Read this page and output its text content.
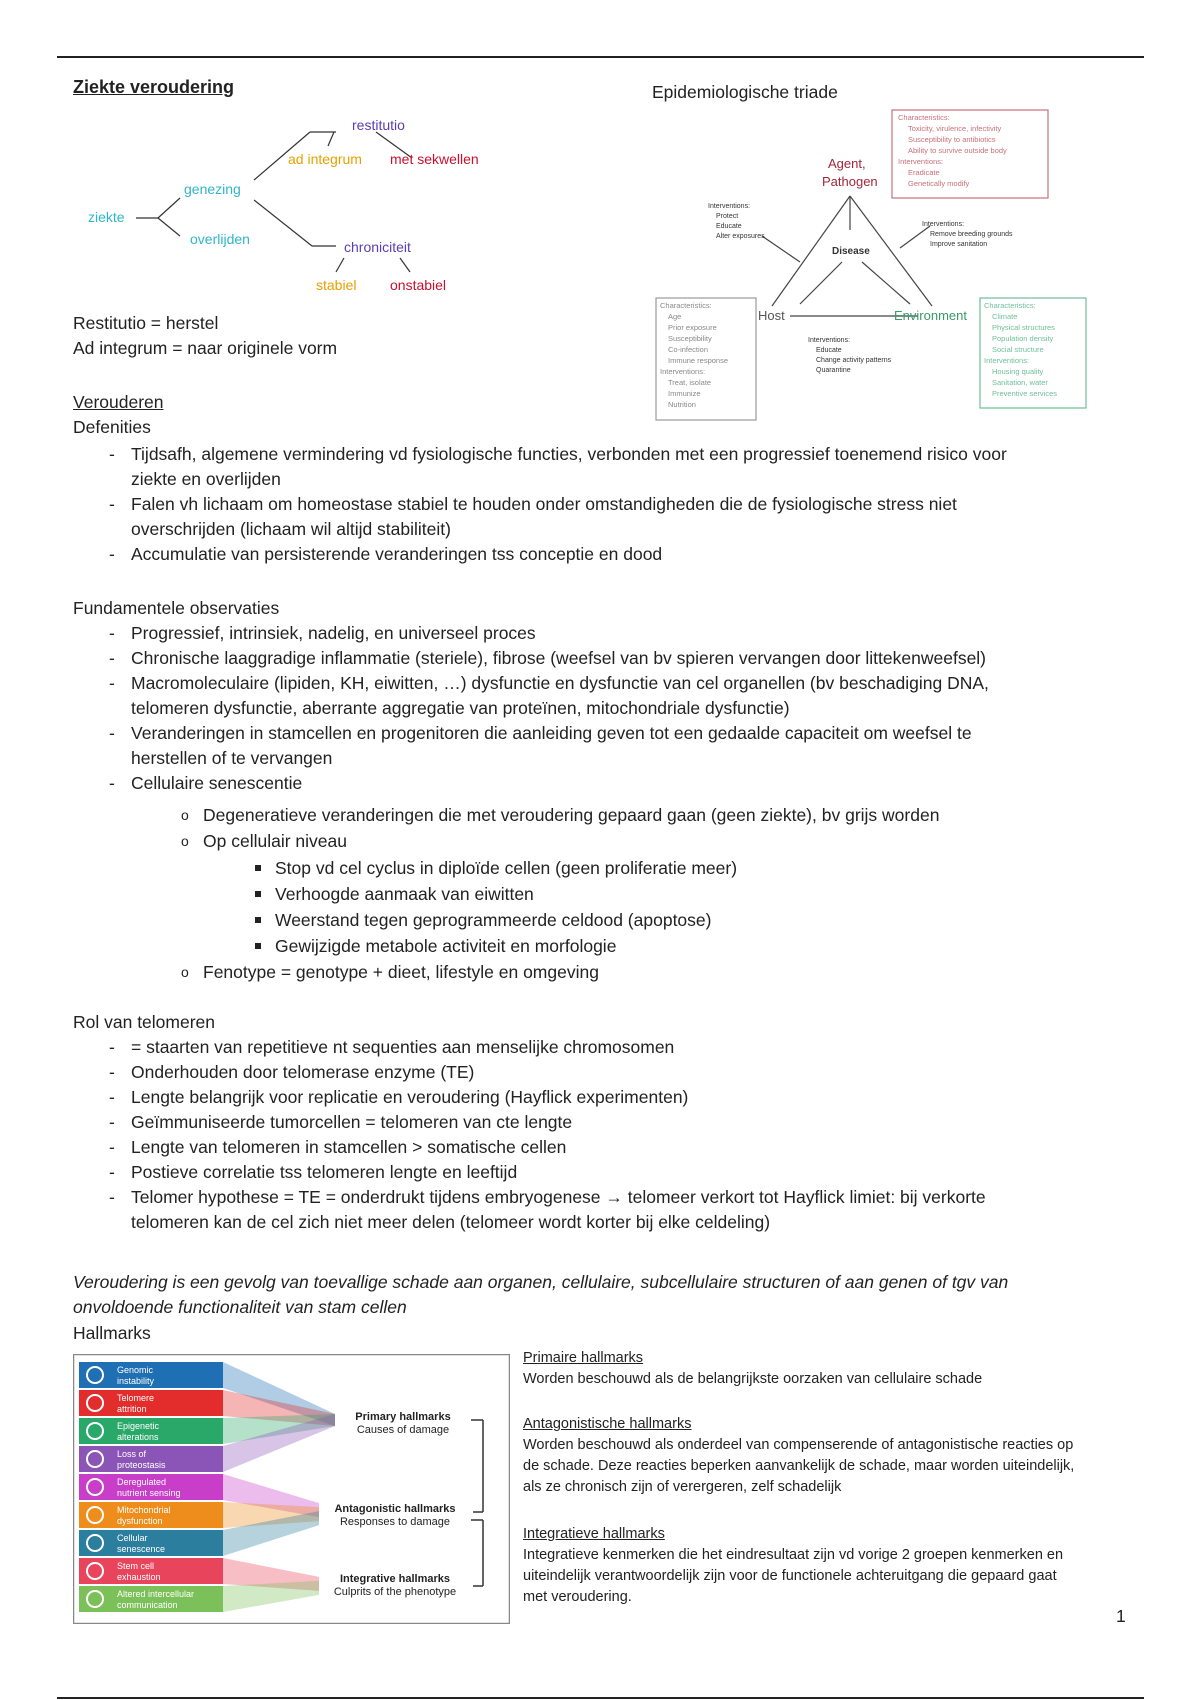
Ziekte veroudering
ziekte
genezing
overlijden
restitutio
ad integrum met sekwellen
chroniciteit
stabiel onstabiel
Restitutio = herstel
Ad integrum = naar originele vorm
Epidemiologische triade
Agent,
Pathogen
Host	Environment
Disease
Characteristics:
Toxicity, virulence, infectivity
Susceptibility to antibiotics
Ability to survive outside body
Interventions:
Eradicate
Genetically modify
Characteristics:
Age
Prior exposure
Susceptibility
Co-infection
Immune response
Interventions:
Treat, isolate
Immunize
Nutrition
Characteristics:
Climate
Physical structures
Population density
Social structure
Interventions:
Housing quality
Sanitation, water
Preventive services
Interventions:
Protect
Educate
Alter exposures
Interventions:
Remove breeding grounds
Improve sanitation
Interventions:
Educate
Change activity patterns
Quarantine
Verouderen
Defenities
- Tijdsafh, algemene vermindering vd fysiologische functies, verbonden met een progressief toenemend risico voor
ziekte en overlijden
- Falen vh lichaam om homeostase stabiel te houden onder omstandigheden die de fysiologische stress niet
overschrijden (lichaam wil altijd stabiliteit)
- Accumulatie van persisterende veranderingen tss conceptie en dood
Fundamentele observaties
- Progressief, intrinsiek, nadelig, en universeel proces
- Chronische laaggradige inflammatie (steriele), fibrose (weefsel van bv spieren vervangen door littekenweefsel)
- Macromoleculaire (lipiden, KH, eiwitten, …) dysfunctie en dysfunctie van cel organellen (bv beschadiging DNA,
telomeren dysfunctie, aberrante aggregatie van proteïnen, mitochondriale dysfunctie)
- Veranderingen in stamcellen en progenitoren die aanleiding geven tot een gedaalde capaciteit om weefsel te
herstellen of te vervangen
- Cellulaire senescentie
o Degeneratieve veranderingen die met veroudering gepaard gaan (geen ziekte), bv grijs worden
o Op cellulair niveau
Stop vd cel cyclus in diploïde cellen (geen proliferatie meer)
Verhoogde aanmaak van eiwitten
Weerstand tegen geprogrammeerde celdood (apoptose)
Gewijzigde metabole activiteit en morfologie
o Fenotype = genotype + dieet, lifestyle en omgeving
Rol van telomeren
- = staarten van repetitieve nt sequenties aan menselijke chromosomen
- Onderhouden door telomerase enzyme (TE)
- Lengte belangrijk voor replicatie en veroudering (Hayflick experimenten)
- Geïmmuniseerde tumorcellen = telomeren van cte lengte
- Lengte van telomeren in stamcellen > somatische cellen
- Postieve correlatie tss telomeren lengte en leeftijd
- Telomer hypothese = TE = onderdrukt tijdens embryogenese → telomeer verkort tot Hayflick limiet: bij verkorte
telomeren kan de cel zich niet meer delen (telomeer wordt korter bij elke celdeling)
Veroudering is een gevolg van toevallige schade aan organen, cellulaire, subcellulaire structuren of aan genen of tgv van
onvoldoende functionaliteit van stam cellen
Hallmarks
Genomic
instability
Telomere
attrition
Epigenetic
alterations
Loss of
proteostasis
Deregulated
nutrient sensing
Mitochondrial
dysfunction
Cellular
senescence
Stem cell
exhaustion
Altered intercellular
communication
Primary hallmarks
Causes of damage
Antagonistic hallmarks
Responses to damage
Integrative hallmarks
Culprits of the phenotype
Primaire hallmarks
Worden beschouwd als de belangrijkste oorzaken van cellulaire schade
Antagonistische hallmarks
Worden beschouwd als onderdeel van compenserende of antagonistische reacties op
de schade. Deze reacties beperken aanvankelijk de schade, maar worden uiteindelijk,
als ze chronisch zijn of verergeren, zelf schadelijk
Integratieve hallmarks
Integratieve kenmerken die het eindresultaat zijn vd vorige 2 groepen kenmerken en
uiteindelijk verantwoordelijk zijn voor de functionele achteruitgang die gepaard gaat
met veroudering.
1
